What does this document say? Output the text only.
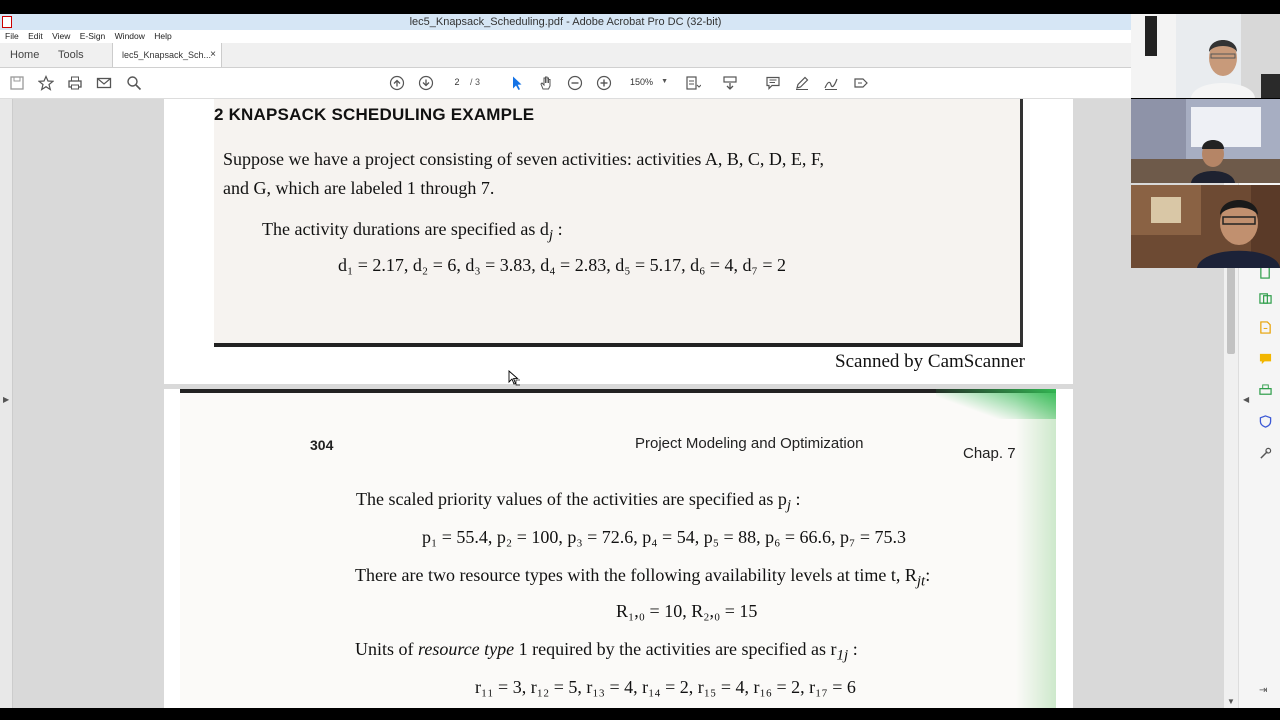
lec5_Knapsack_Scheduling.pdf - Adobe Acrobat Pro DC (32-bit)
File Edit View E-Sign Window Help
Home Tools	lec5_Knapsack_Sch... ×
2	/ 3	150% ▼
2 KNAPSACK SCHEDULING EXAMPLE
Suppose we have a project consisting of seven activities: activities A, B, C, D, E, F,
and G, which are labeled 1 through 7.
The activity durations are specified as $d_j$ :
d₁ = 2.17, d₂ = 6, d₃ = 3.83, d₄ = 2.83, d₅ = 5.17, d₆ = 4, d₇ = 2
Scanned by CamScanner
304	Project Modeling and Optimization
Chap. 7
The scaled priority values of the activities are specified as $p_j$ :
p₁ = 55.4, p₂ = 100, p₃ = 72.6, p₄ = 54, p₅ = 88, p₆ = 66.6, p₇ = 75.3
There are two resource types with the following availability levels at time t, $R_{jt}$:
R₁,₀ = 10, R₂,₀ = 15
Units of resource type 1 required by the activities are specified as $r_{1j}$ :
r₁₁ = 3, r₁₂ = 5, r₁₃ = 4, r₁₄ = 2, r₁₅ = 4, r₁₆ = 2, r₁₇ = 6
▶
▼
◀
⇥
